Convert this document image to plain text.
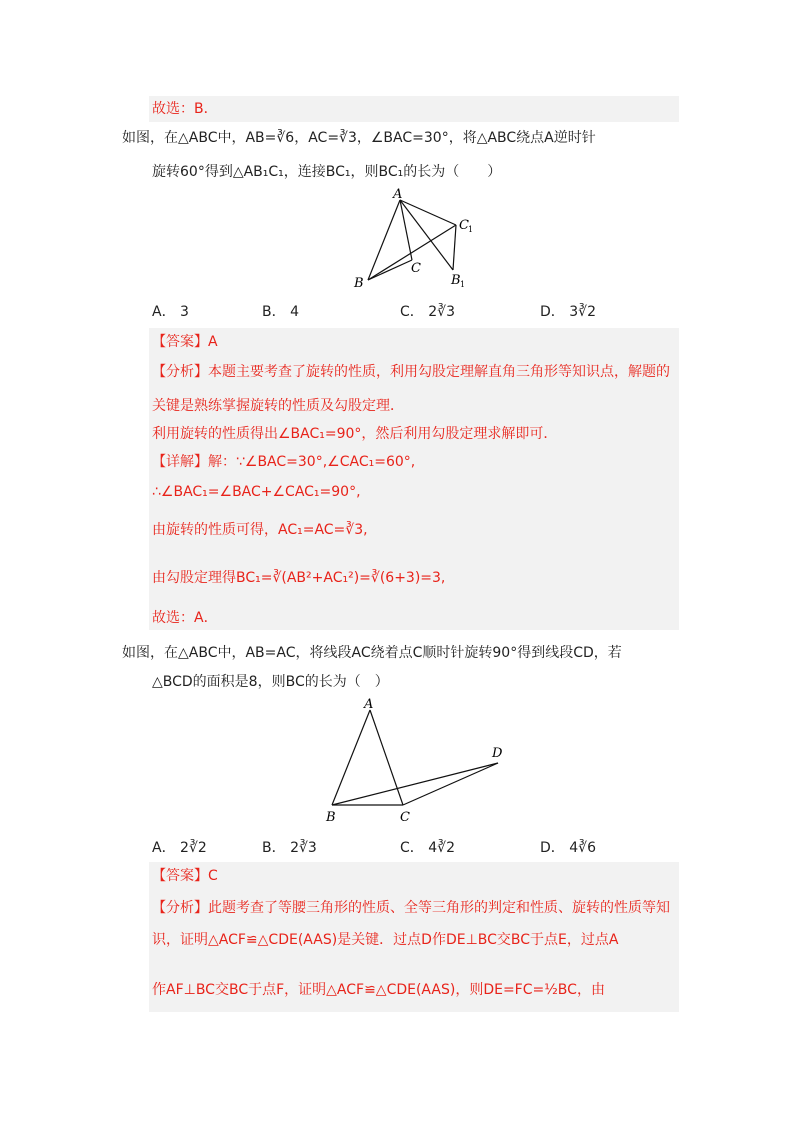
故选：B．
如图，在△ABC中，AB=∛6，AC=∛3，∠BAC=30°，将△ABC绕点A逆时针
旋转60°得到△AB₁C₁，连接BC₁，则BC₁的长为（　　）
A
B
C
C 1
B 1
A． 3	B． 4	C． 2∛3	D． 3∛2
【答案】A
【分析】本题主要考查了旋转的性质，利用勾股定理解直角三角形等知识点，解题的
关键是熟练掌握旋转的性质及勾股定理．
利用旋转的性质得出∠BAC₁=90°，然后利用勾股定理求解即可．
【详解】解：∵∠BAC=30°,∠CAC₁=60°,
∴∠BAC₁=∠BAC+∠CAC₁=90°,
由旋转的性质可得，AC₁=AC=∛3,
由勾股定理得BC₁=∛(AB²+AC₁²)=∛(6+3)=3,
故选：A．
如图，在△ABC中，AB=AC，将线段AC绕着点C顺时针旋转90°得到线段CD，若
△BCD的面积是8，则BC的长为（　）
A
B	C
D
A． 2∛2	B． 2∛3	C． 4∛2	D． 4∛6
【答案】C
【分析】此题考查了等腰三角形的性质、全等三角形的判定和性质、旋转的性质等知
识，证明△ACF≌△CDE(AAS)是关键．过点D作DE⊥BC交BC于点E，过点A
作AF⊥BC交BC于点F，证明△ACF≌△CDE(AAS)，则DE=FC=½BC，由
